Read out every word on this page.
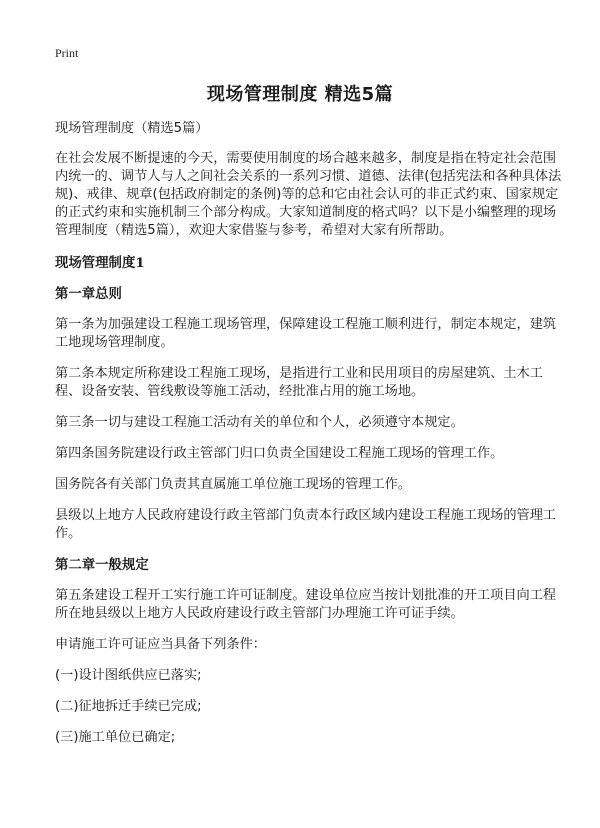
Print
现场管理制度 精选5篇

现场管理制度（精选5篇）

在社会发展不断提速的今天，需要使用制度的场合越来越多，制度是指在特定社会范围内统一的、调节人与人之间社会关系的一系列习惯、道德、法律(包括宪法和各种具体法规)、戒律、规章(包括政府制定的条例)等的总和它由社会认可的非正式约束、国家规定的正式约束和实施机制三个部分构成。大家知道制度的格式吗？以下是小编整理的现场管理制度（精选5篇），欢迎大家借鉴与参考，希望对大家有所帮助。

现场管理制度1
第一章总则

第一条为加强建设工程施工现场管理，保障建设工程施工顺利进行，制定本规定，建筑工地现场管理制度。

第二条本规定所称建设工程施工现场，是指进行工业和民用项目的房屋建筑、土木工程、设备安装、管线敷设等施工活动，经批准占用的施工场地。

第三条一切与建设工程施工活动有关的单位和个人，必须遵守本规定。

第四条国务院建设行政主管部门归口负责全国建设工程施工现场的管理工作。

国务院各有关部门负责其直属施工单位施工现场的管理工作。

县级以上地方人民政府建设行政主管部门负责本行政区域内建设工程施工现场的管理工作。

第二章一般规定

第五条建设工程开工实行施工许可证制度。建设单位应当按计划批准的开工项目向工程所在地县级以上地方人民政府建设行政主管部门办理施工许可证手续。

申请施工许可证应当具备下列条件：

(一)设计图纸供应已落实;

(二)征地拆迁手续已完成;

(三)施工单位已确定;
